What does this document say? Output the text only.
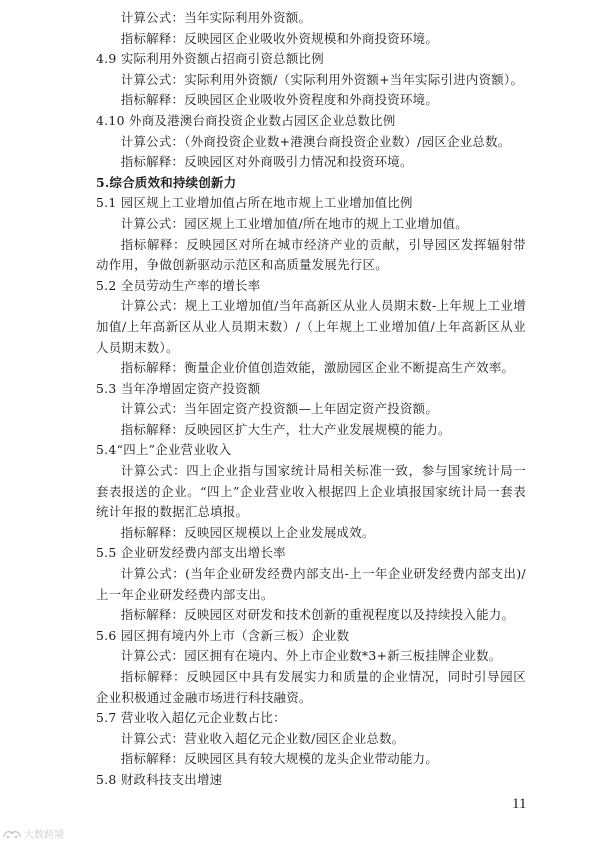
计算公式：当年实际利用外资额。

指标解释：反映园区企业吸收外资规模和外商投资环境。

4.9 实际利用外资额占招商引资总额比例

计算公式：实际利用外资额/（实际利用外资额+当年实际引进内资额）。

指标解释：反映园区企业吸收外资程度和外商投资环境。

4.10 外商及港澳台商投资企业数占园区企业总数比例

计算公式：（外商投资企业数+港澳台商投资企业数）/园区企业总数。

指标解释：反映园区对外商吸引力情况和投资环境。

5.综合质效和持续创新力

5.1 园区规上工业增加值占所在地市规上工业增加值比例

计算公式：园区规上工业增加值/所在地市的规上工业增加值。

指标解释：反映园区对所在城市经济产业的贡献，引导园区发挥辐射带动作用，争做创新驱动示范区和高质量发展先行区。

5.2 全员劳动生产率的增长率

计算公式：规上工业增加值/当年高新区从业人员期末数-上年规上工业增加值/上年高新区从业人员期末数）/（上年规上工业增加值/上年高新区从业人员期末数）。

指标解释：衡量企业价值创造效能，激励园区企业不断提高生产效率。

5.3 当年净增固定资产投资额

计算公式：当年固定资产投资额—上年固定资产投资额。

指标解释：反映园区扩大生产，壮大产业发展规模的能力。

5.4“四上”企业营业收入

计算公式：四上企业指与国家统计局相关标准一致，参与国家统计局一套表报送的企业。“四上”企业营业收入根据四上企业填报国家统计局一套表统计年报的数据汇总填报。

指标解释：反映园区规模以上企业发展成效。

5.5 企业研发经费内部支出增长率

计算公式：(当年企业研发经费内部支出-上一年企业研发经费内部支出)/上一年企业研发经费内部支出。

指标解释：反映园区对研发和技术创新的重视程度以及持续投入能力。

5.6 园区拥有境内外上市（含新三板）企业数

计算公式：园区拥有在境内、外上市企业数*3+新三板挂牌企业数。

指标解释：反映园区中具有发展实力和质量的企业情况，同时引导园区企业积极通过金融市场进行科技融资。

5.7 营业收入超亿元企业数占比：

计算公式：营业收入超亿元企业数/园区企业总数。

指标解释：反映园区具有较大规模的龙头企业带动能力。

5.8 财政科技支出增速

11
大数跨境
